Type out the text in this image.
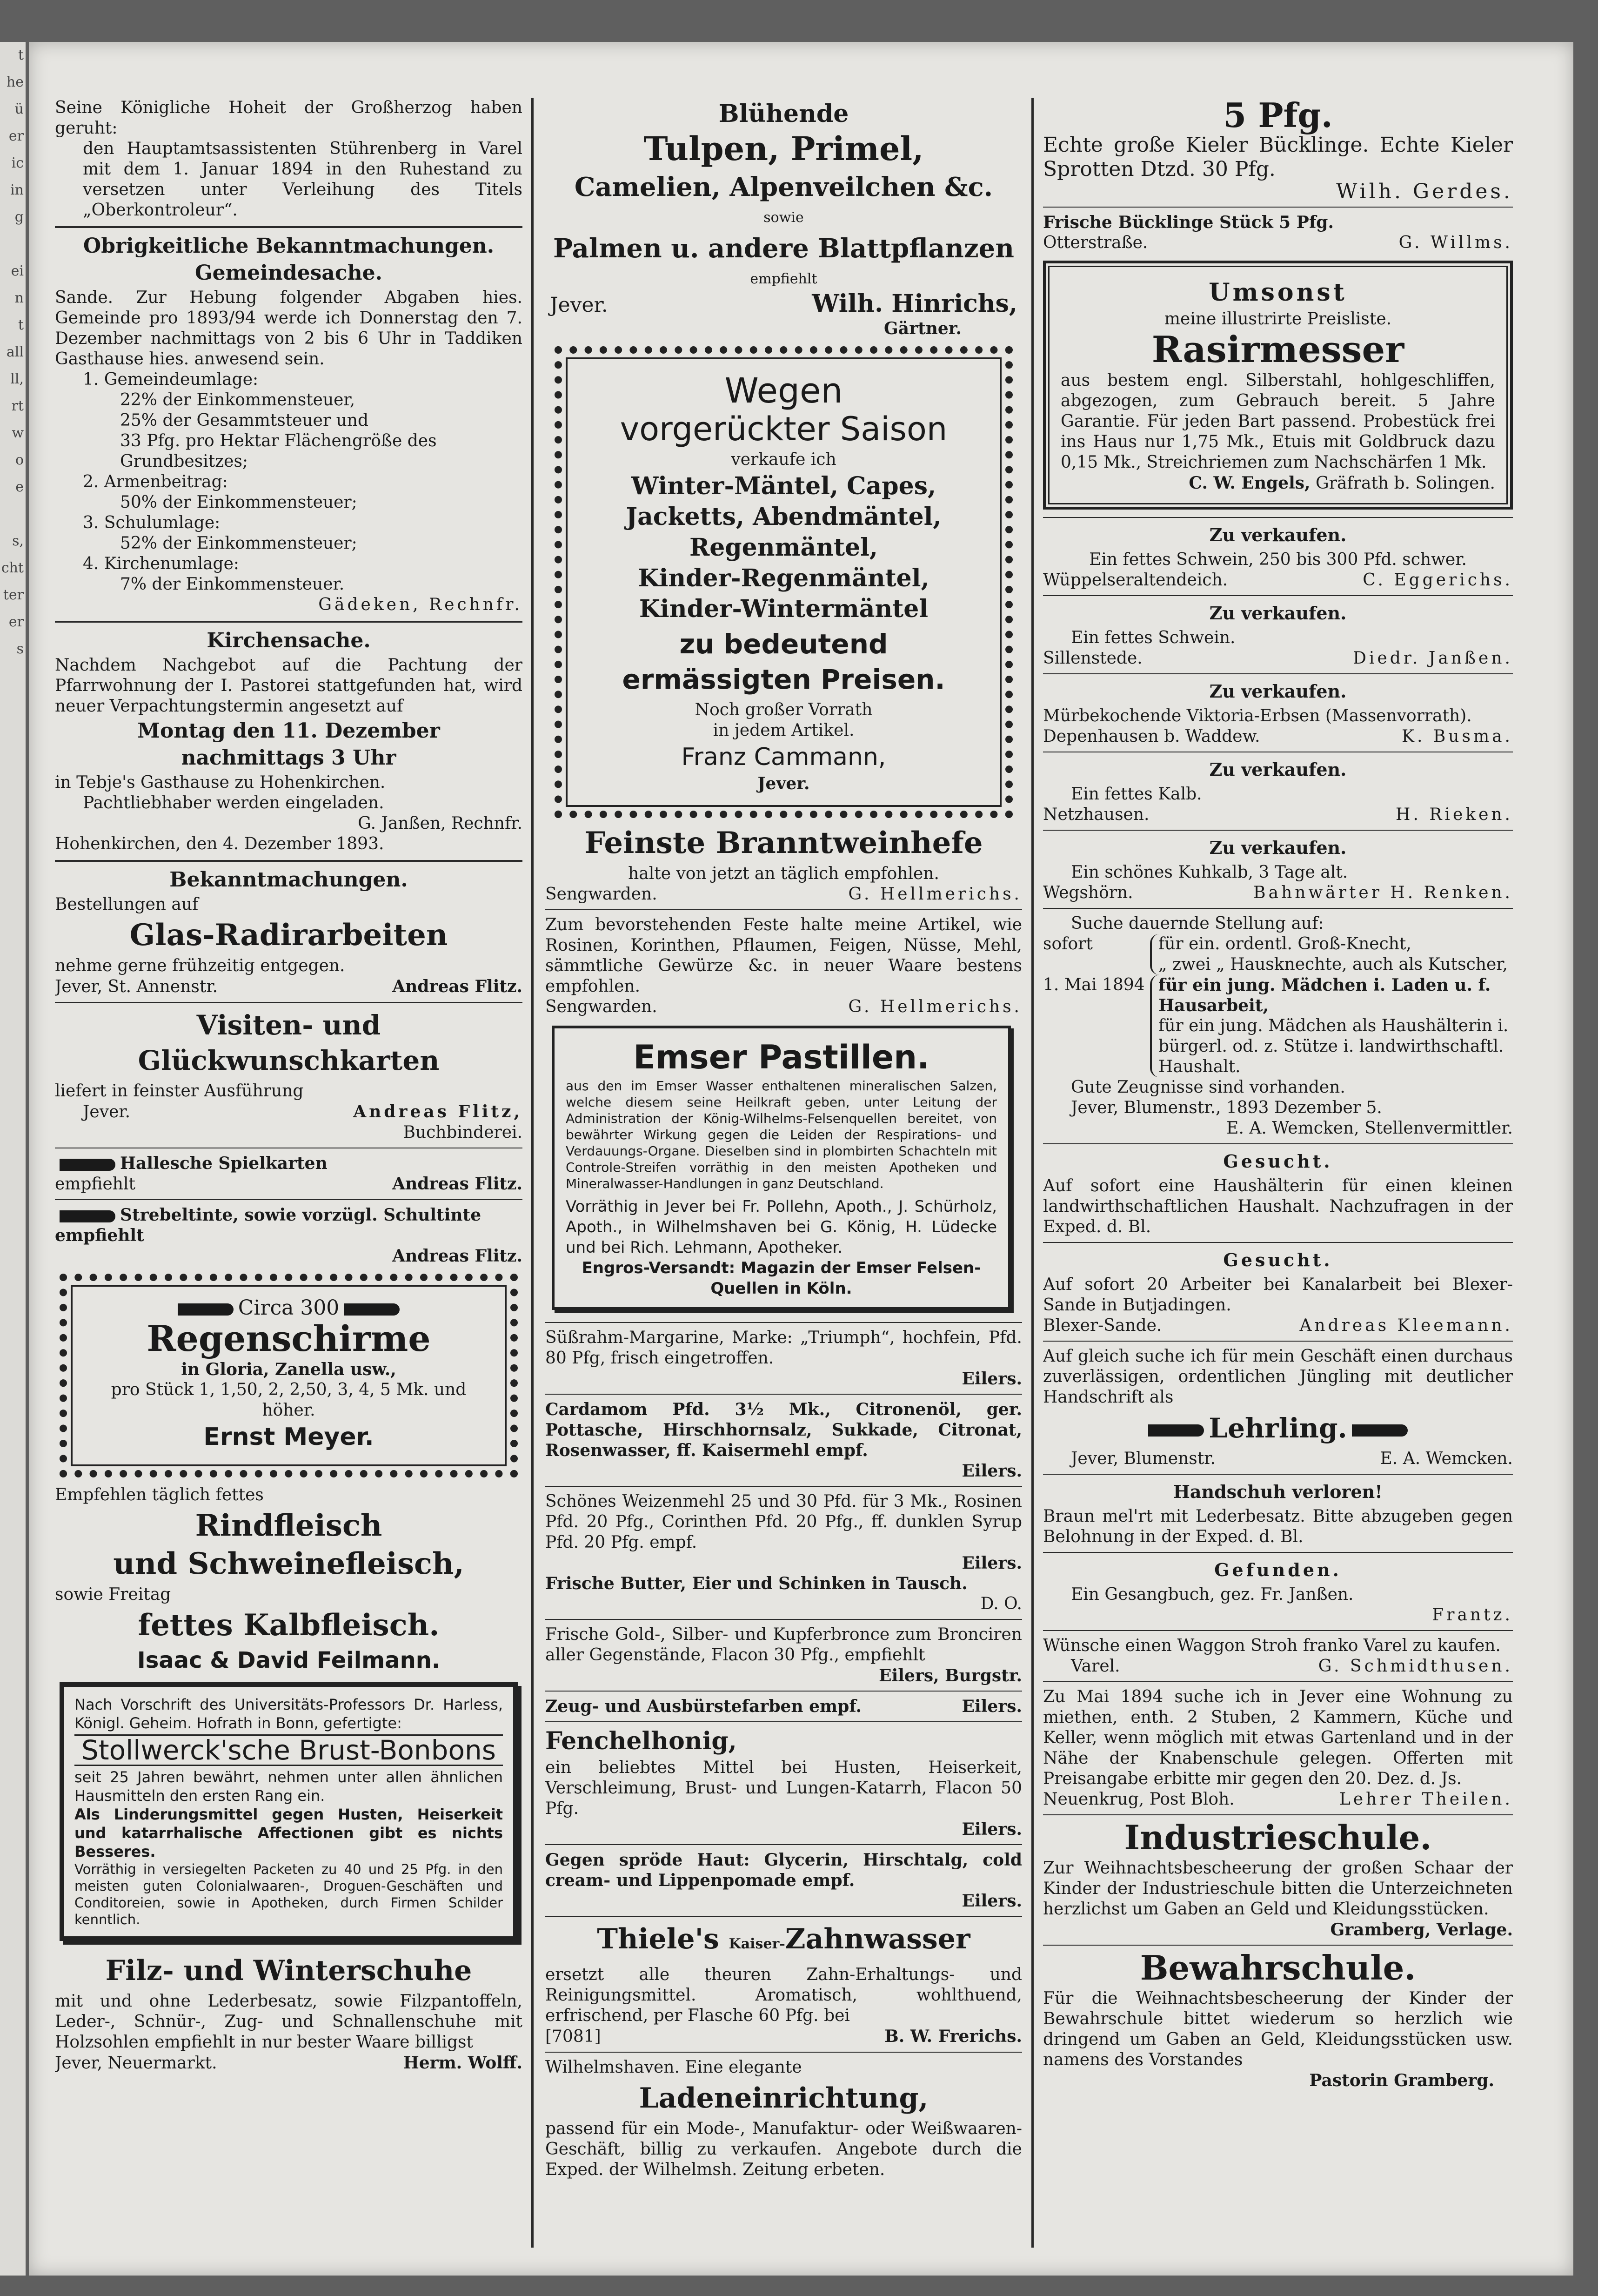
t
he
ü
er
ic
in
g

ei
n
t
all
ll,
rt
w
o
e

s,
cht
ter
er
s

Seine Königliche Hoheit der Großherzog haben geruht:

den Hauptamtsassistenten Stührenberg in Varel mit dem 1. Januar 1894 in den Ruhestand zu versetzen unter Verleihung des Titels „Oberkontroleur“.

Obrigkeitliche Bekanntmachungen.
Gemeindesache.

Sande. Zur Hebung folgender Abgaben hies. Gemeinde pro 1893/94 werde ich Donnerstag den 7. Dezember nachmittags von 2 bis 6 Uhr in Taddiken Gasthause hies. anwesend sein.

1. Gemeindeumlage:

22% der Einkommensteuer,

25% der Gesammtsteuer und

33 Pfg. pro Hektar Flächengröße des Grundbesitzes;

2. Armenbeitrag:

50% der Einkommensteuer;

3. Schulumlage:

52% der Einkommensteuer;

4. Kirchenumlage:

7% der Einkommensteuer.

Gädeken, Rechnfr.

Kirchensache.

Nachdem Nachgebot auf die Pachtung der Pfarrwohnung der I. Pastorei stattgefunden hat, wird neuer Verpachtungstermin angesetzt auf

Montag den 11. Dezember
nachmittags 3 Uhr

in Tebje's Gasthause zu Hohenkirchen.

Pachtliebhaber werden eingeladen.

G. Janßen, Rechnfr.

Hohenkirchen, den 4. Dezember 1893.

Bekanntmachungen.

Bestellungen auf

Glas-Radirarbeiten

nehme gerne frühzeitig entgegen.

Jever, St. Annenstr.	Andreas Flitz.
Visiten- und Glückwunschkarten

liefert in feinster Ausführung

Jever.	Andreas Flitz,

Buchbinderei.

Hallesche Spielkarten

empfiehlt	Andreas Flitz.

Strebeltinte, sowie vorzügl. Schultinte empfiehlt

Andreas Flitz.

Circa 300

Regenschirme

in Gloria, Zanella usw.,

pro Stück 1, 1,50, 2, 2,50, 3, 4, 5 Mk. und höher.

Ernst Meyer.

Empfehlen täglich fettes

Rindfleisch
und Schweinefleisch,

sowie Freitag

fettes Kalbfleisch.
Isaac & David Feilmann.

Nach Vorschrift des Universitäts-Professors Dr. Harless, Königl. Geheim. Hofrath in Bonn, gefertigte:

Stollwerck'sche Brust-Bonbons

seit 25 Jahren bewährt, nehmen unter allen ähnlichen Hausmitteln den ersten Rang ein.

Als Linderungsmittel gegen Husten, Heiserkeit und katarrhalische Affectionen gibt es nichts Besseres.

Vorräthig in versiegelten Packeten zu 40 und 25 Pfg. in den meisten guten Colonialwaaren-, Droguen-Geschäften und Conditoreien, sowie in Apotheken, durch Firmen Schilder kenntlich.

Filz- und Winterschuhe

mit und ohne Lederbesatz, sowie Filzpantoffeln, Leder-, Schnür-, Zug- und Schnallenschuhe mit Holzsohlen empfiehlt in nur bester Waare billigst

Jever, Neuermarkt.	Herm. Wolff.
Blühende
Tulpen, Primel,
Camelien, Alpenveilchen &c.

sowie

Palmen u. andere Blattpflanzen

empfiehlt

Jever.	Wilh. Hinrichs,

Gärtner.

Wegen
vorgerückter Saison

verkaufe ich

Winter-Mäntel, Capes,
Jacketts, Abendmäntel,
Regenmäntel,
Kinder-Regenmäntel,
Kinder-Wintermäntel
zu bedeutend ermässigten Preisen.

Noch großer Vorrath

in jedem Artikel.

Franz Cammann,

Jever.

Feinste Branntweinhefe

halte von jetzt an täglich empfohlen.

Sengwarden.	G. Hellmerichs.

Zum bevorstehenden Feste halte meine Artikel, wie Rosinen, Korinthen, Pflaumen, Feigen, Nüsse, Mehl, sämmtliche Gewürze &c. in neuer Waare bestens empfohlen.

Sengwarden.	G. Hellmerichs.
Emser Pastillen.

aus den im Emser Wasser enthaltenen mineralischen Salzen, welche diesem seine Heilkraft geben, unter Leitung der Administration der König-Wilhelms-Felsenquellen bereitet, von bewährter Wirkung gegen die Leiden der Respirations- und Verdauungs-Organe. Dieselben sind in plombirten Schachteln mit Controle-Streifen vorräthig in den meisten Apotheken und Mineralwasser-Handlungen in ganz Deutschland.

Vorräthig in Jever bei Fr. Pollehn, Apoth., J. Schürholz, Apoth., in Wilhelmshaven bei G. König, H. Lüdecke und bei Rich. Lehmann, Apotheker.

Engros-Versandt: Magazin der Emser Felsen-Quellen in Köln.

Süßrahm-Margarine, Marke: „Triumph“, hochfein, Pfd. 80 Pfg, frisch eingetroffen.

Eilers.

Cardamom Pfd. 3½ Mk., Citronenöl, ger. Pottasche, Hirschhornsalz, Sukkade, Citronat, Rosenwasser, ff. Kaisermehl empf.

Eilers.

Schönes Weizenmehl 25 und 30 Pfd. für 3 Mk., Rosinen Pfd. 20 Pfg., Corinthen Pfd. 20 Pfg., ff. dunklen Syrup Pfd. 20 Pfg. empf.

Eilers.

Frische Butter, Eier und Schinken in Tausch.

D. O.

Frische Gold-, Silber- und Kupferbronce zum Bronciren aller Gegenstände, Flacon 30 Pfg., empfiehlt

Eilers, Burgstr.

Zeug- und Ausbürstefarben empf.	Eilers.
Fenchelhonig,

ein beliebtes Mittel bei Husten, Heiserkeit, Verschleimung, Brust- und Lungen-Katarrh, Flacon 50 Pfg.

Eilers.

Gegen spröde Haut: Glycerin, Hirschtalg, cold cream- und Lippenpomade empf.

Eilers.

Thiele's Kaiser-Zahnwasser

ersetzt alle theuren Zahn-Erhaltungs- und Reinigungsmittel. Aromatisch, wohlthuend, erfrischend, per Flasche 60 Pfg. bei

[7081]	B. W. Frerichs.

Wilhelmshaven. Eine elegante

Ladeneinrichtung,

passend für ein Mode-, Manufaktur- oder Weißwaaren-Geschäft, billig zu verkaufen. Angebote durch die Exped. der Wilhelmsh. Zeitung erbeten.

5 Pfg.

Echte große Kieler Bücklinge. Echte Kieler Sprotten Dtzd. 30 Pfg.

Wilh. Gerdes.

Frische Bücklinge Stück 5 Pfg.

Otterstraße.	G. Willms.
Umsonst

meine illustrirte Preisliste.

Rasirmesser

aus bestem engl. Silberstahl, hohlgeschliffen, abgezogen, zum Gebrauch bereit. 5 Jahre Garantie. Für jeden Bart passend. Probestück frei ins Haus nur 1,75 Mk., Etuis mit Goldbruck dazu 0,15 Mk., Streichriemen zum Nachschärfen 1 Mk.

C. W. Engels, Gräfrath b. Solingen.

Zu verkaufen.

Ein fettes Schwein, 250 bis 300 Pfd. schwer.

Wüppelseraltendeich.	C. Eggerichs.
Zu verkaufen.

Ein fettes Schwein.

Sillenstede.	Diedr. Janßen.
Zu verkaufen.

Mürbekochende Viktoria-Erbsen (Massenvorrath).

Depenhausen b. Waddew.	K. Busma.
Zu verkaufen.

Ein fettes Kalb.

Netzhausen.	H. Rieken.
Zu verkaufen.

Ein schönes Kuhkalb, 3 Tage alt.

Wegshörn.	Bahnwärter H. Renken.

Suche dauernde Stellung auf:

sofort	für ein. ordentl. Groß-Knecht,

„ zwei „ Hausknechte, auch als Kutscher,

1. Mai 1894 für ein jung. Mädchen i. Laden u. f. Hausarbeit,

für ein jung. Mädchen als Haushälterin i. bürgerl. od. z. Stütze i. landwirthschaftl. Haushalt.

Gute Zeugnisse sind vorhanden.

Jever, Blumenstr., 1893 Dezember 5.

E. A. Wemcken, Stellenvermittler.

Gesucht.

Auf sofort eine Haushälterin für einen kleinen landwirthschaftlichen Haushalt. Nachzufragen in der Exped. d. Bl.

Gesucht.

Auf sofort 20 Arbeiter bei Kanalarbeit bei Blexer-Sande in Butjadingen.

Blexer-Sande.	Andreas Kleemann.

Auf gleich suche ich für mein Geschäft einen durchaus zuverlässigen, ordentlichen Jüngling mit deutlicher Handschrift als

Lehrling.
Jever, Blumenstr.	E. A. Wemcken.
Handschuh verloren!

Braun mel'rt mit Lederbesatz. Bitte abzugeben gegen Belohnung in der Exped. d. Bl.

Gefunden.

Ein Gesangbuch, gez. Fr. Janßen.

Frantz.

Wünsche einen Waggon Stroh franko Varel zu kaufen.

Varel.	G. Schmidthusen.

Zu Mai 1894 suche ich in Jever eine Wohnung zu miethen, enth. 2 Stuben, 2 Kammern, Küche und Keller, wenn möglich mit etwas Gartenland und in der Nähe der Knabenschule gelegen. Offerten mit Preisangabe erbitte mir gegen den 20. Dez. d. Js.

Neuenkrug, Post Bloh.	Lehrer Theilen.
Industrieschule.

Zur Weihnachtsbescheerung der großen Schaar der Kinder der Industrieschule bitten die Unterzeichneten herzlichst um Gaben an Geld und Kleidungsstücken.

Gramberg, Verlage.

Bewahrschule.

Für die Weihnachtsbescheerung der Kinder der Bewahrschule bittet wiederum so herzlich wie dringend um Gaben an Geld, Kleidungsstücken usw. namens des Vorstandes

Pastorin Gramberg.
